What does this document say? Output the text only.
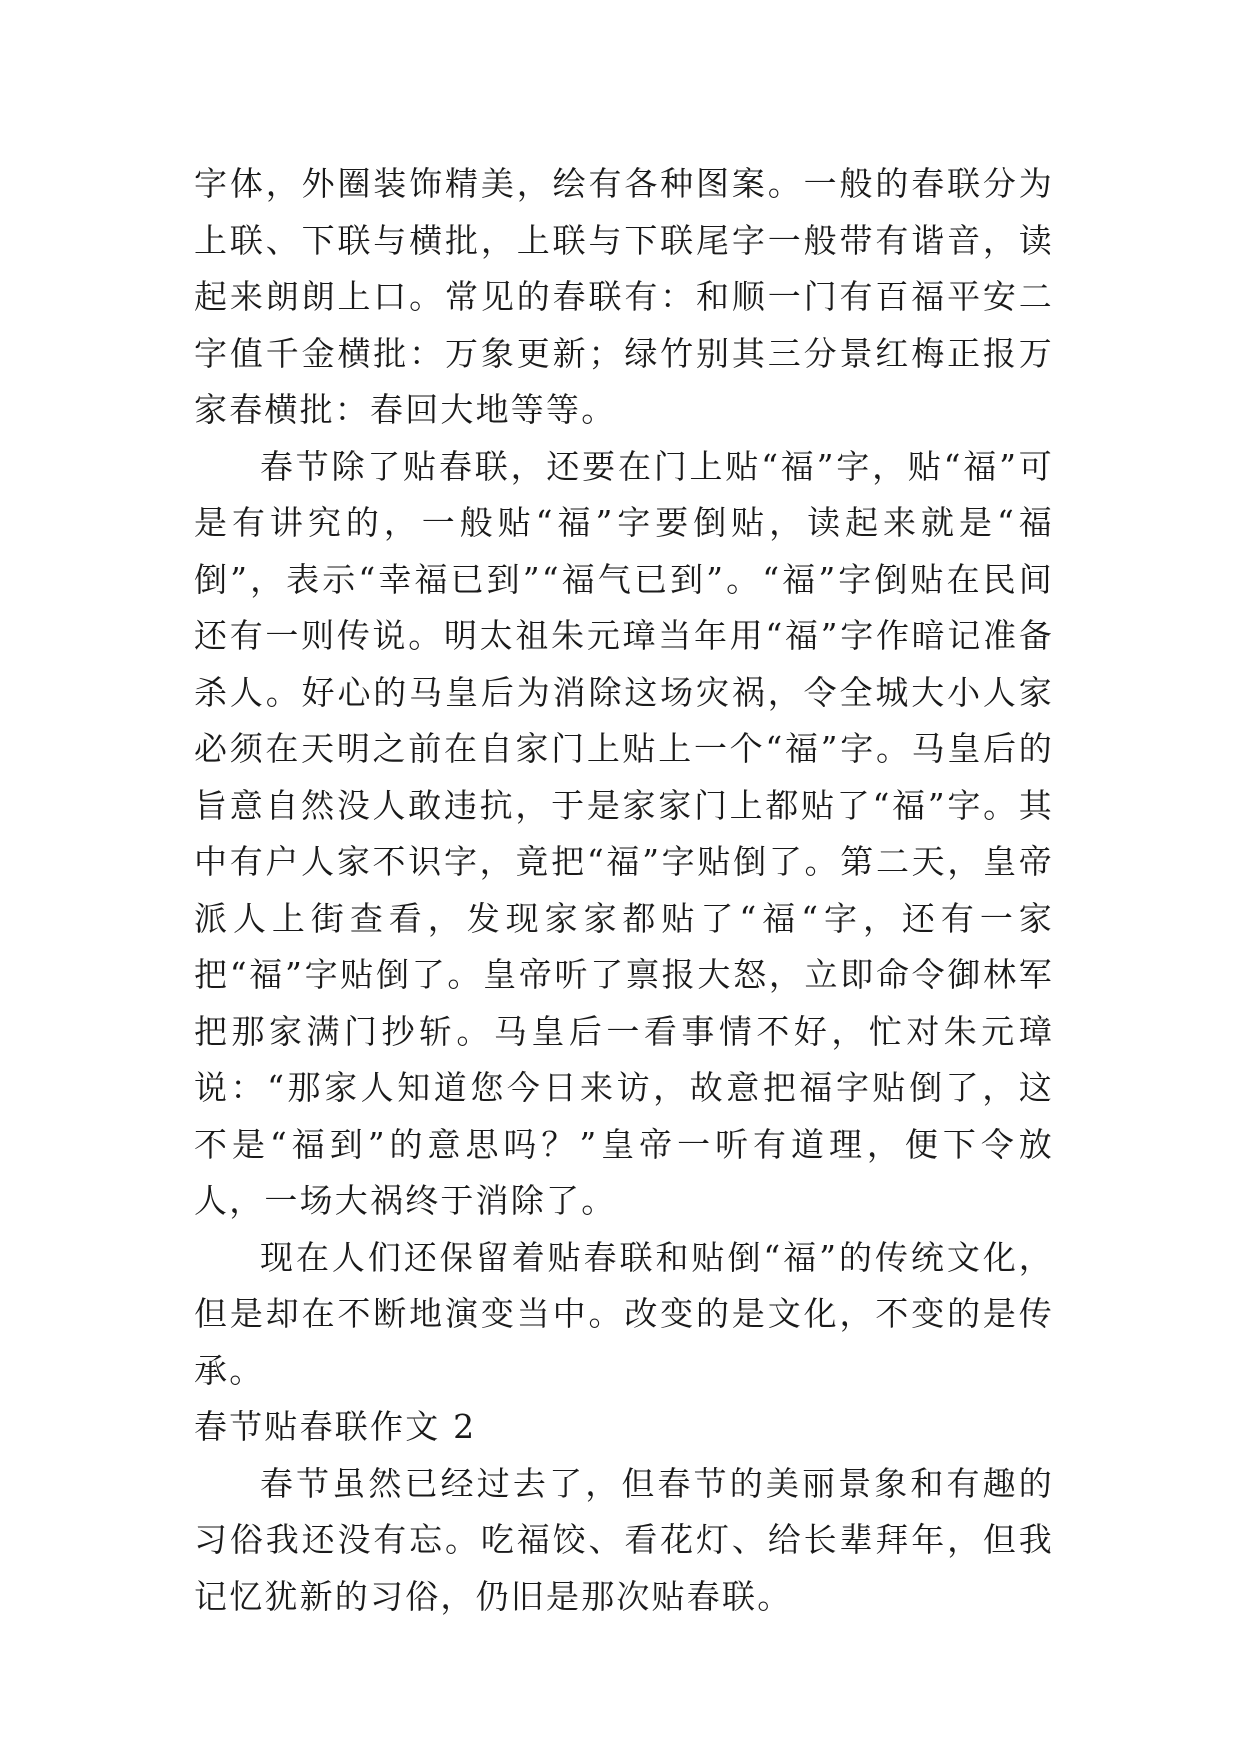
字体，外圈装饰精美，绘有各种图案。一般的春联分为上联、下联与横批，上联与下联尾字一般带有谐音，读起来朗朗上口。常见的春联有：和顺一门有百福平安二字值千金横批：万象更新；绿竹别其三分景红梅正报万家春横批：春回大地等等。

春节除了贴春联，还要在门上贴“福”字，贴“福”可是有讲究的，一般贴“福”字要倒贴，读起来就是“福倒”，表示“幸福已到”“福气已到”。“福”字倒贴在民间还有一则传说。明太祖朱元璋当年用“福”字作暗记准备杀人。好心的马皇后为消除这场灾祸，令全城大小人家必须在天明之前在自家门上贴上一个“福”字。马皇后的旨意自然没人敢违抗，于是家家门上都贴了“福”字。其中有户人家不识字，竟把“福”字贴倒了。第二天，皇帝派人上街查看，发现家家都贴了“福“字，还有一家把“福”字贴倒了。皇帝听了禀报大怒，立即命令御林军把那家满门抄斩。马皇后一看事情不好，忙对朱元璋说：“那家人知道您今日来访，故意把福字贴倒了，这不是“福到”的意思吗？”皇帝一听有道理，便下令放人，一场大祸终于消除了。

现在人们还保留着贴春联和贴倒“福”的传统文化，但是却在不断地演变当中。改变的是文化，不变的是传承。

春节贴春联作文 2

春节虽然已经过去了，但春节的美丽景象和有趣的习俗我还没有忘。吃福饺、看花灯、给长辈拜年，但我记忆犹新的习俗，仍旧是那次贴春联。
